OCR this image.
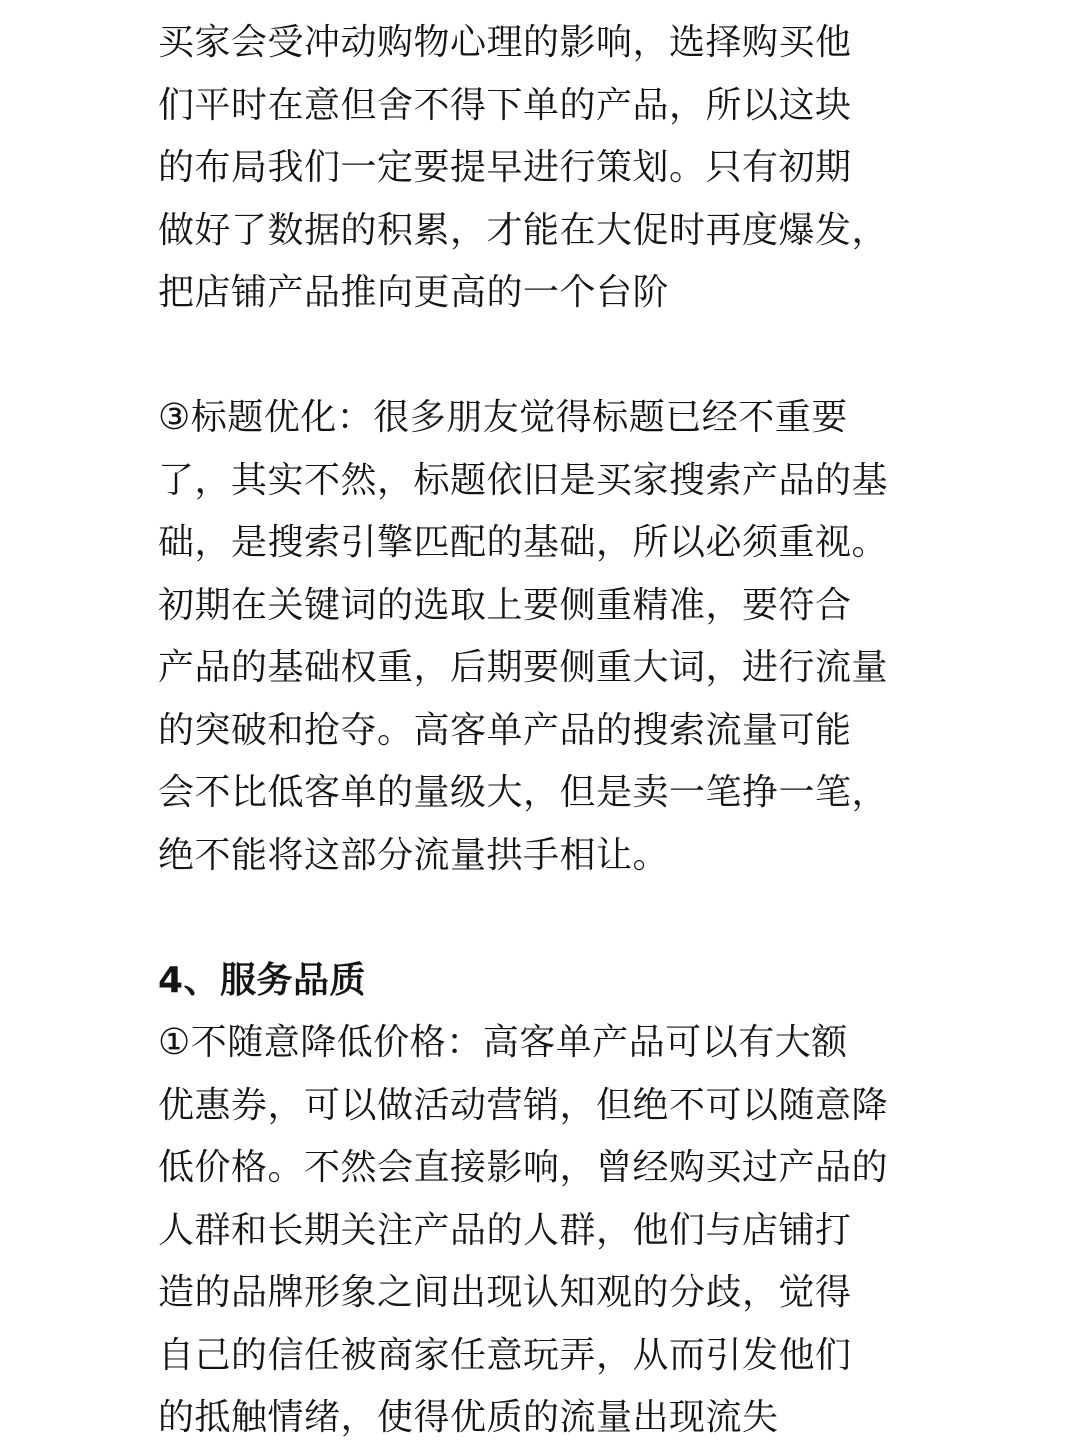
买家会受冲动购物心理的影响，选择购买他
们平时在意但舍不得下单的产品，所以这块
的布局我们一定要提早进行策划。只有初期
做好了数据的积累，才能在大促时再度爆发，
把店铺产品推向更高的一个台阶
③标题优化：很多朋友觉得标题已经不重要
了，其实不然，标题依旧是买家搜索产品的基
础，是搜索引擎匹配的基础，所以必须重视。
初期在关键词的选取上要侧重精准，要符合
产品的基础权重，后期要侧重大词，进行流量
的突破和抢夺。高客单产品的搜索流量可能
会不比低客单的量级大，但是卖一笔挣一笔，
绝不能将这部分流量拱手相让。
4、服务品质
①不随意降低价格：高客单产品可以有大额
优惠券，可以做活动营销，但绝不可以随意降
低价格。不然会直接影响，曾经购买过产品的
人群和长期关注产品的人群，他们与店铺打
造的品牌形象之间出现认知观的分歧，觉得
自己的信任被商家任意玩弄，从而引发他们
的抵触情绪，使得优质的流量出现流失
